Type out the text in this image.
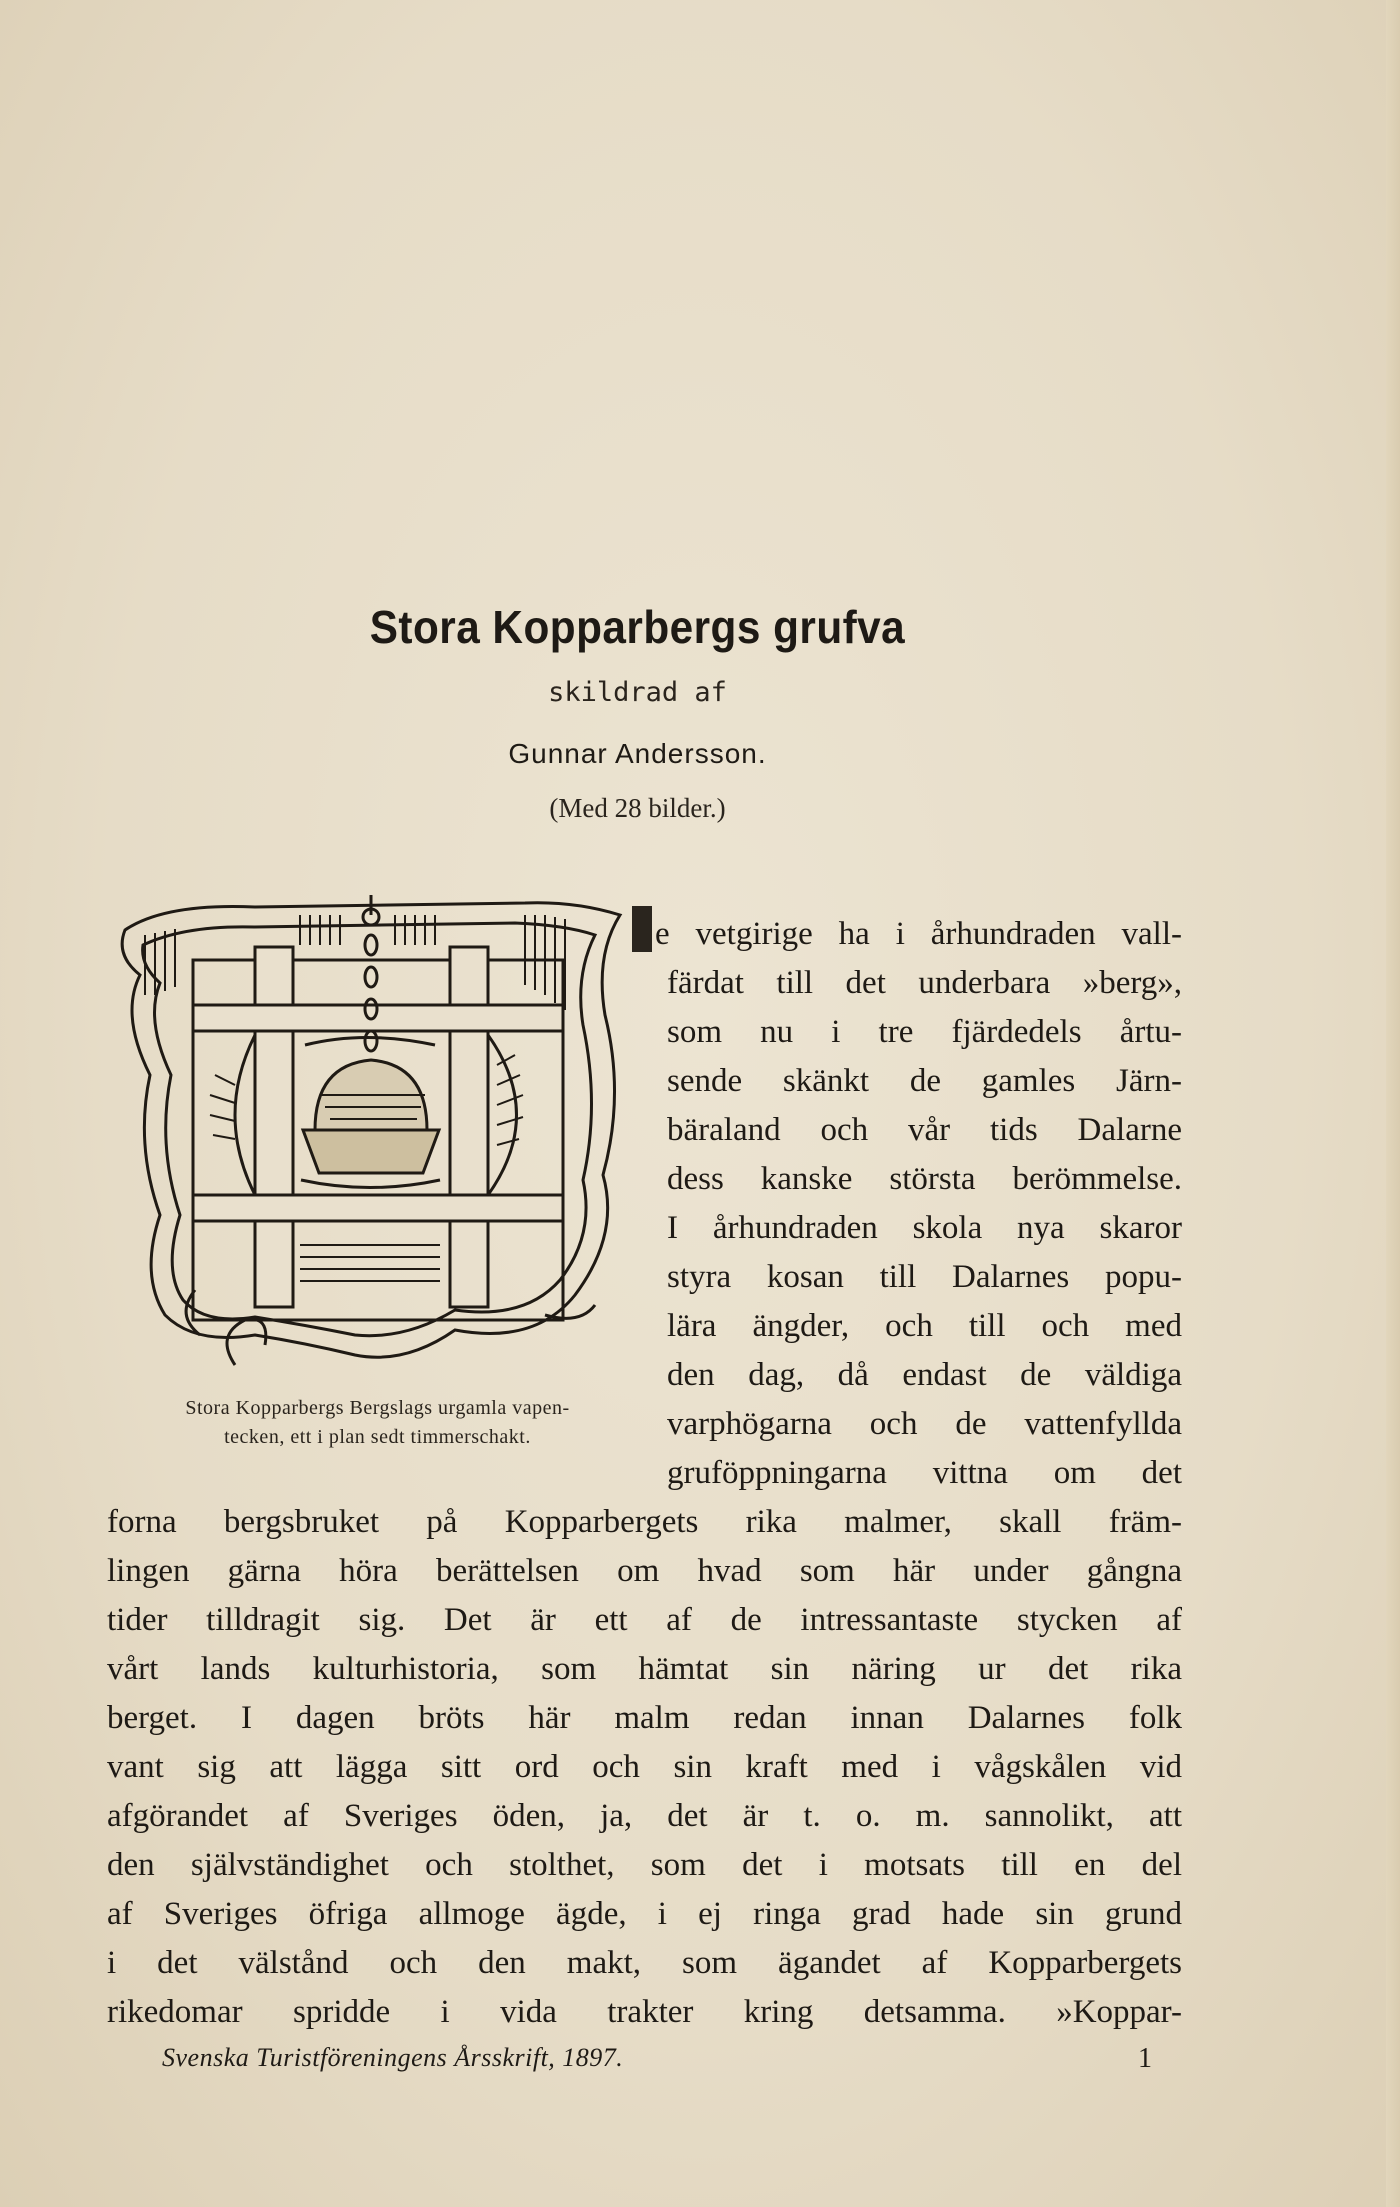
Stora Kopparbergs grufva
skildrad af
Gunnar Andersson.
(Med 28 bilder.)
Stora Kopparbergs Bergslags urgamla vapen-
tecken, ett i plan sedt timmerschakt.
e vetgirige ha i århundraden vall-
färdat till det underbara »berg»,
som nu i tre fjärdedels årtu-
sende skänkt de gamles Järn-
bäraland och vår tids Dalarne
dess kanske största berömmelse.
I århundraden skola nya skaror
styra kosan till Dalarnes popu-
lära ängder, och till och med
den dag, då endast de väldiga
varphögarna och de vattenfyllda
gruföppningarna vittna om det
forna bergsbruket på Kopparbergets rika malmer, skall främ-
lingen gärna höra berättelsen om hvad som här under gångna
tider tilldragit sig. Det är ett af de intressantaste stycken af
vårt lands kulturhistoria, som hämtat sin näring ur det rika
berget. I dagen bröts här malm redan innan Dalarnes folk
vant sig att lägga sitt ord och sin kraft med i vågskålen vid
afgörandet af Sveriges öden, ja, det är t. o. m. sannolikt, att
den självständighet och stolthet, som det i motsats till en del
af Sveriges öfriga allmoge ägde, i ej ringa grad hade sin grund
i det välstånd och den makt, som ägandet af Kopparbergets
rikedomar spridde i vida trakter kring detsamma. »Koppar-
Svenska Turistföreningens Årsskrift, 1897.	1
